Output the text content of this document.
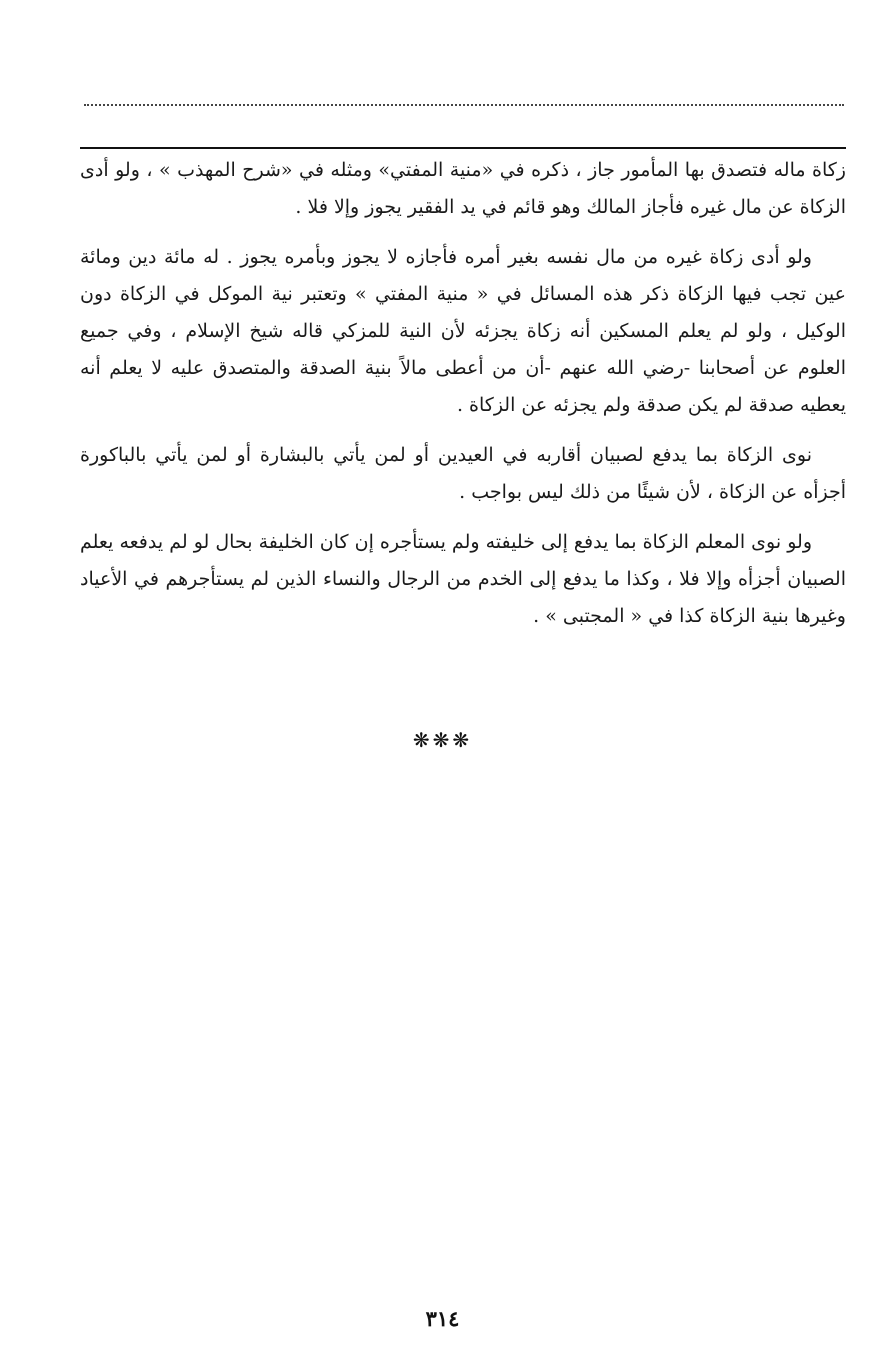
زكاة ماله فتصدق بها المأمور جاز ، ذكره في «منية المفتي» ومثله في «شرح المهذب » ، ولو أدى الزكاة عن مال غيره فأجاز المالك وهو قائم في يد الفقير يجوز وإلا فلا .

ولو أدى زكاة غيره من مال نفسه بغير أمره فأجازه لا يجوز وبأمره يجوز . له مائة دين ومائة عين تجب فيها الزكاة ذكر هذه المسائل في « منية المفتي » وتعتبر نية الموكل في الزكاة دون الوكيل ، ولو لم يعلم المسكين أنه زكاة يجزئه لأن النية للمزكي قاله شيخ الإسلام ، وفي جميع العلوم عن أصحابنا -رضي الله عنهم -أن من أعطى مالاً بنية الصدقة والمتصدق عليه لا يعلم أنه يعطيه صدقة لم يكن صدقة ولم يجزئه عن الزكاة .

نوى الزكاة بما يدفع لصبيان أقاربه في العيدين أو لمن يأتي بالبشارة أو لمن يأتي بالباكورة أجزأه عن الزكاة ، لأن شيئًا من ذلك ليس بواجب .

ولو نوى المعلم الزكاة بما يدفع إلى خليفته ولم يستأجره إن كان الخليفة بحال لو لم يدفعه يعلم الصبيان أجزأه وإلا فلا ، وكذا ما يدفع إلى الخدم من الرجال والنساء الذين لم يستأجرهم في الأعياد وغيرها بنية الزكاة كذا في « المجتبى » .

❋❋❋
٣١٤
